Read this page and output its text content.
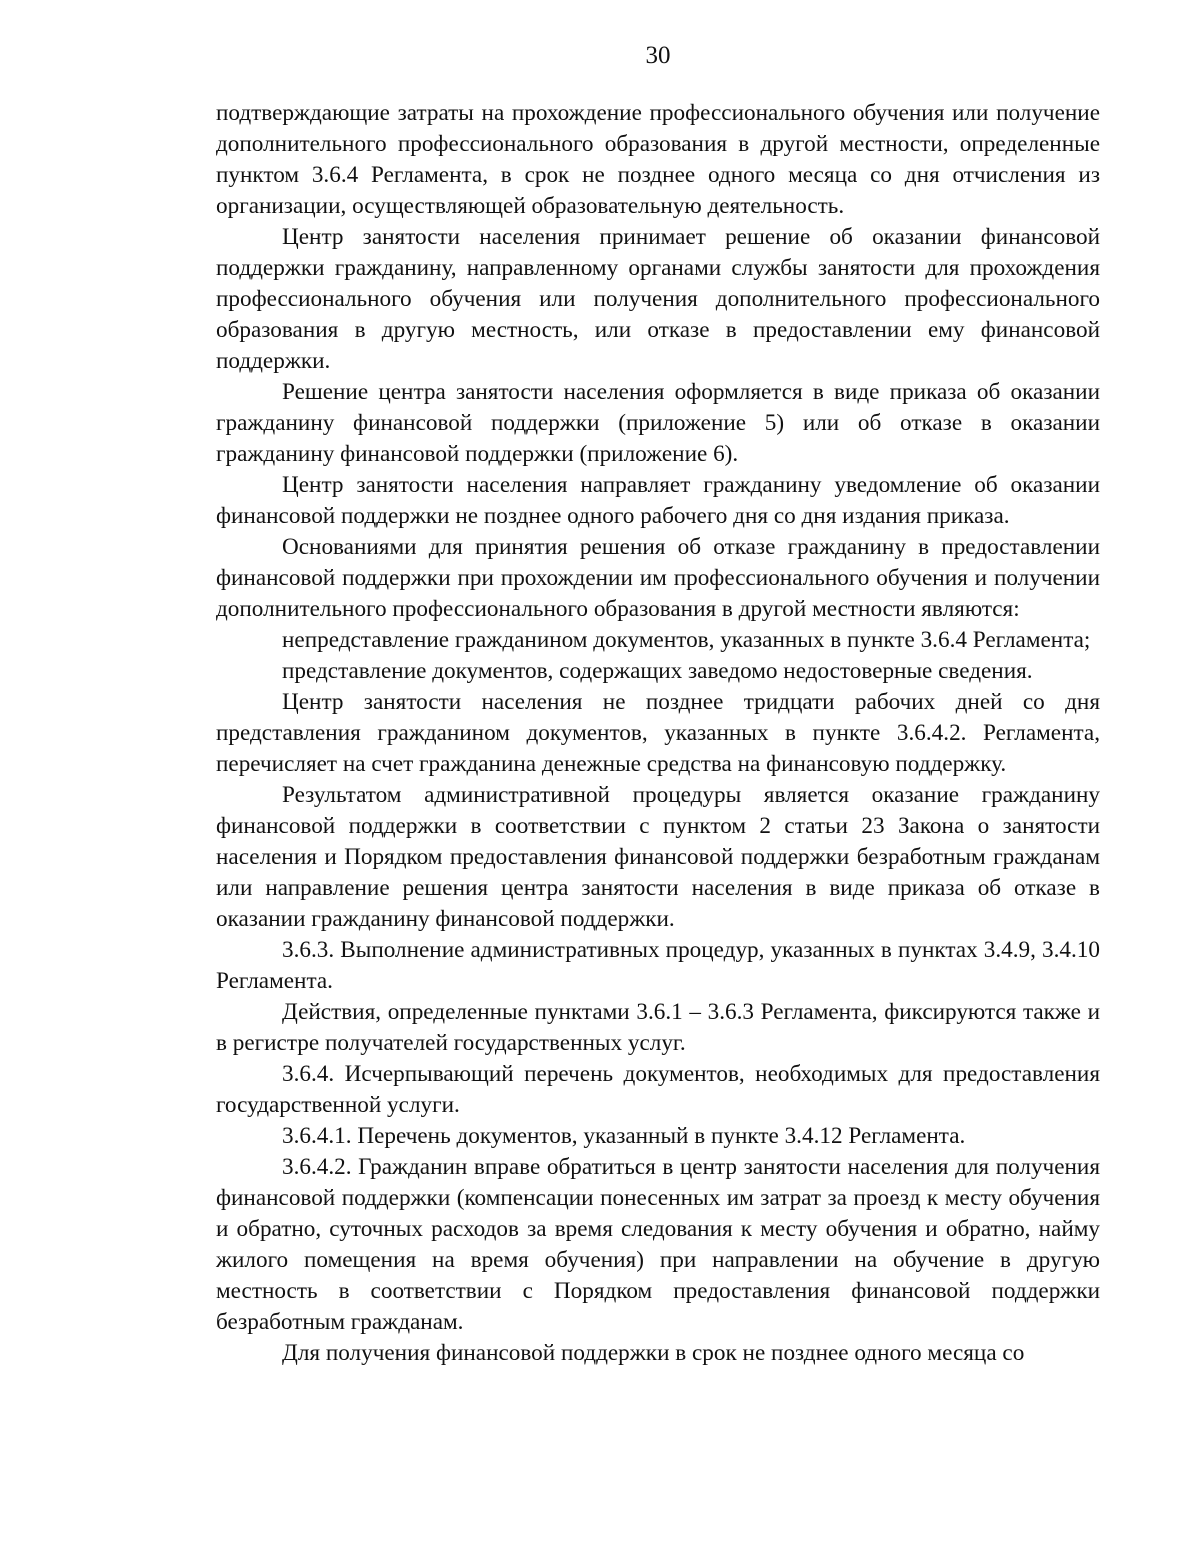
30

подтверждающие затраты на прохождение профессионального обучения или получение дополнительного профессионального образования в другой местности, определенные пунктом 3.6.4 Регламента, в срок не позднее одного месяца со дня отчисления из организации, осуществляющей образовательную деятельность.

Центр занятости населения принимает решение об оказании финансовой поддержки гражданину, направленному органами службы занятости для прохождения профессионального обучения или получения дополнительного профессионального образования в другую местность, или отказе в предоставлении ему финансовой поддержки.

Решение центра занятости населения оформляется в виде приказа об оказании гражданину финансовой поддержки (приложение 5) или об отказе в оказании гражданину финансовой поддержки (приложение 6).

Центр занятости населения направляет гражданину уведомление об оказании финансовой поддержки не позднее одного рабочего дня со дня издания приказа.

Основаниями для принятия решения об отказе гражданину в предоставлении финансовой поддержки при прохождении им профессионального обучения и получении дополнительного профессионального образования в другой местности являются:

непредставление гражданином документов, указанных в пункте 3.6.4 Регламента;

представление документов, содержащих заведомо недостоверные сведения.

Центр занятости населения не позднее тридцати рабочих дней со дня представления гражданином документов, указанных в пункте 3.6.4.2. Регламента, перечисляет на счет гражданина денежные средства на финансовую поддержку.

Результатом административной процедуры является оказание гражданину финансовой поддержки в соответствии с пунктом 2 статьи 23 Закона о занятости населения и Порядком предоставления финансовой поддержки безработным гражданам или направление решения центра занятости населения в виде приказа об отказе в оказании гражданину финансовой поддержки.

3.6.3. Выполнение административных процедур, указанных в пунктах 3.4.9, 3.4.10 Регламента.

Действия, определенные пунктами 3.6.1 – 3.6.3 Регламента, фиксируются также и в регистре получателей государственных услуг.

3.6.4. Исчерпывающий перечень документов, необходимых для предоставления государственной услуги.

3.6.4.1. Перечень документов, указанный в пункте 3.4.12 Регламента.

3.6.4.2. Гражданин вправе обратиться в центр занятости населения для получения финансовой поддержки (компенсации понесенных им затрат за проезд к месту обучения и обратно, суточных расходов за время следования к месту обучения и обратно, найму жилого помещения на время обучения) при направлении на обучение в другую местность в соответствии с Порядком предоставления финансовой поддержки безработным гражданам.

Для получения финансовой поддержки в срок не позднее одного месяца со
